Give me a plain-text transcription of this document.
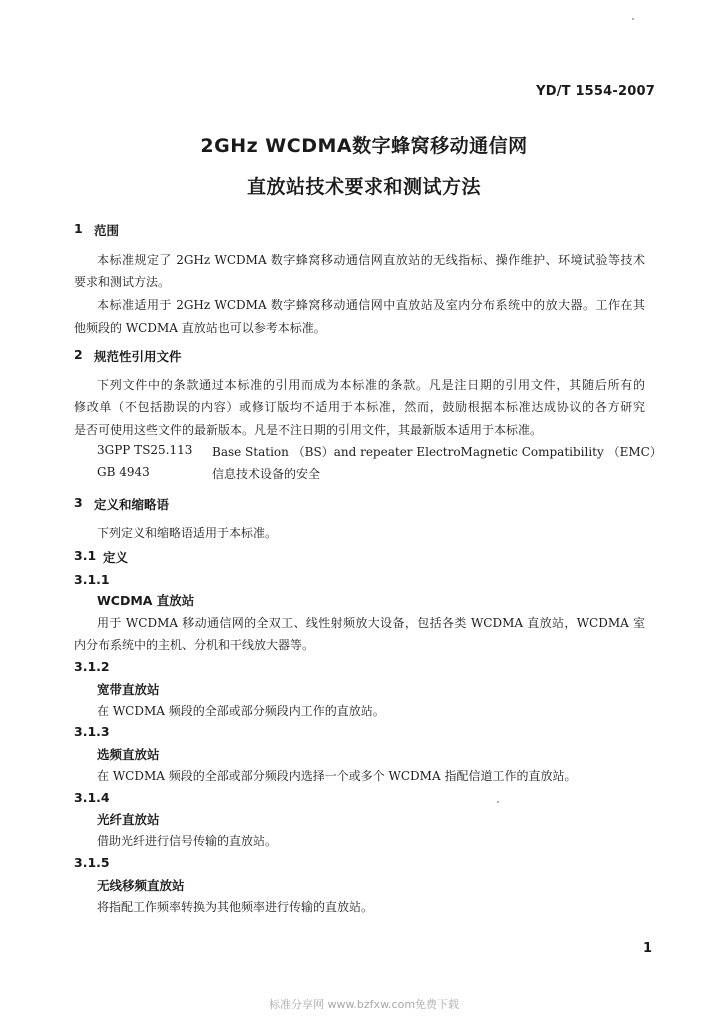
YD/T 1554-2007
2GHz WCDMA数字蜂窝移动通信网
直放站技术要求和测试方法
1 范围
本标准规定了 2GHz WCDMA 数字蜂窝移动通信网直放站的无线指标、操作维护、环境试验等技术
要求和测试方法。
本标准适用于 2GHz WCDMA 数字蜂窝移动通信网中直放站及室内分布系统中的放大器。工作在其
他频段的 WCDMA 直放站也可以参考本标准。
2 规范性引用文件
下列文件中的条款通过本标准的引用而成为本标准的条款。凡是注日期的引用文件，其随后所有的
修改单（不包括勘误的内容）或修订版均不适用于本标准，然而，鼓励根据本标准达成协议的各方研究
是否可使用这些文件的最新版本。凡是不注日期的引用文件，其最新版本适用于本标准。
3GPP TS25.113 Base Station （BS）and repeater ElectroMagnetic Compatibility （EMC）
GB 4943	信息技术设备的安全
3 定义和缩略语
下列定义和缩略语适用于本标准。
3.1 定义
3.1.1
WCDMA 直放站
用于 WCDMA 移动通信网的全双工、线性射频放大设备，包括各类 WCDMA 直放站，WCDMA 室
内分布系统中的主机、分机和干线放大器等。
3.1.2
宽带直放站
在 WCDMA 频段的全部或部分频段内工作的直放站。
3.1.3
选频直放站
在 WCDMA 频段的全部或部分频段内选择一个或多个 WCDMA 指配信道工作的直放站。
3.1.4
光纤直放站
借助光纤进行信号传输的直放站。
3.1.5
无线移频直放站
将指配工作频率转换为其他频率进行传输的直放站。
1
标准分享网 www.bzfxw.com免费下载
